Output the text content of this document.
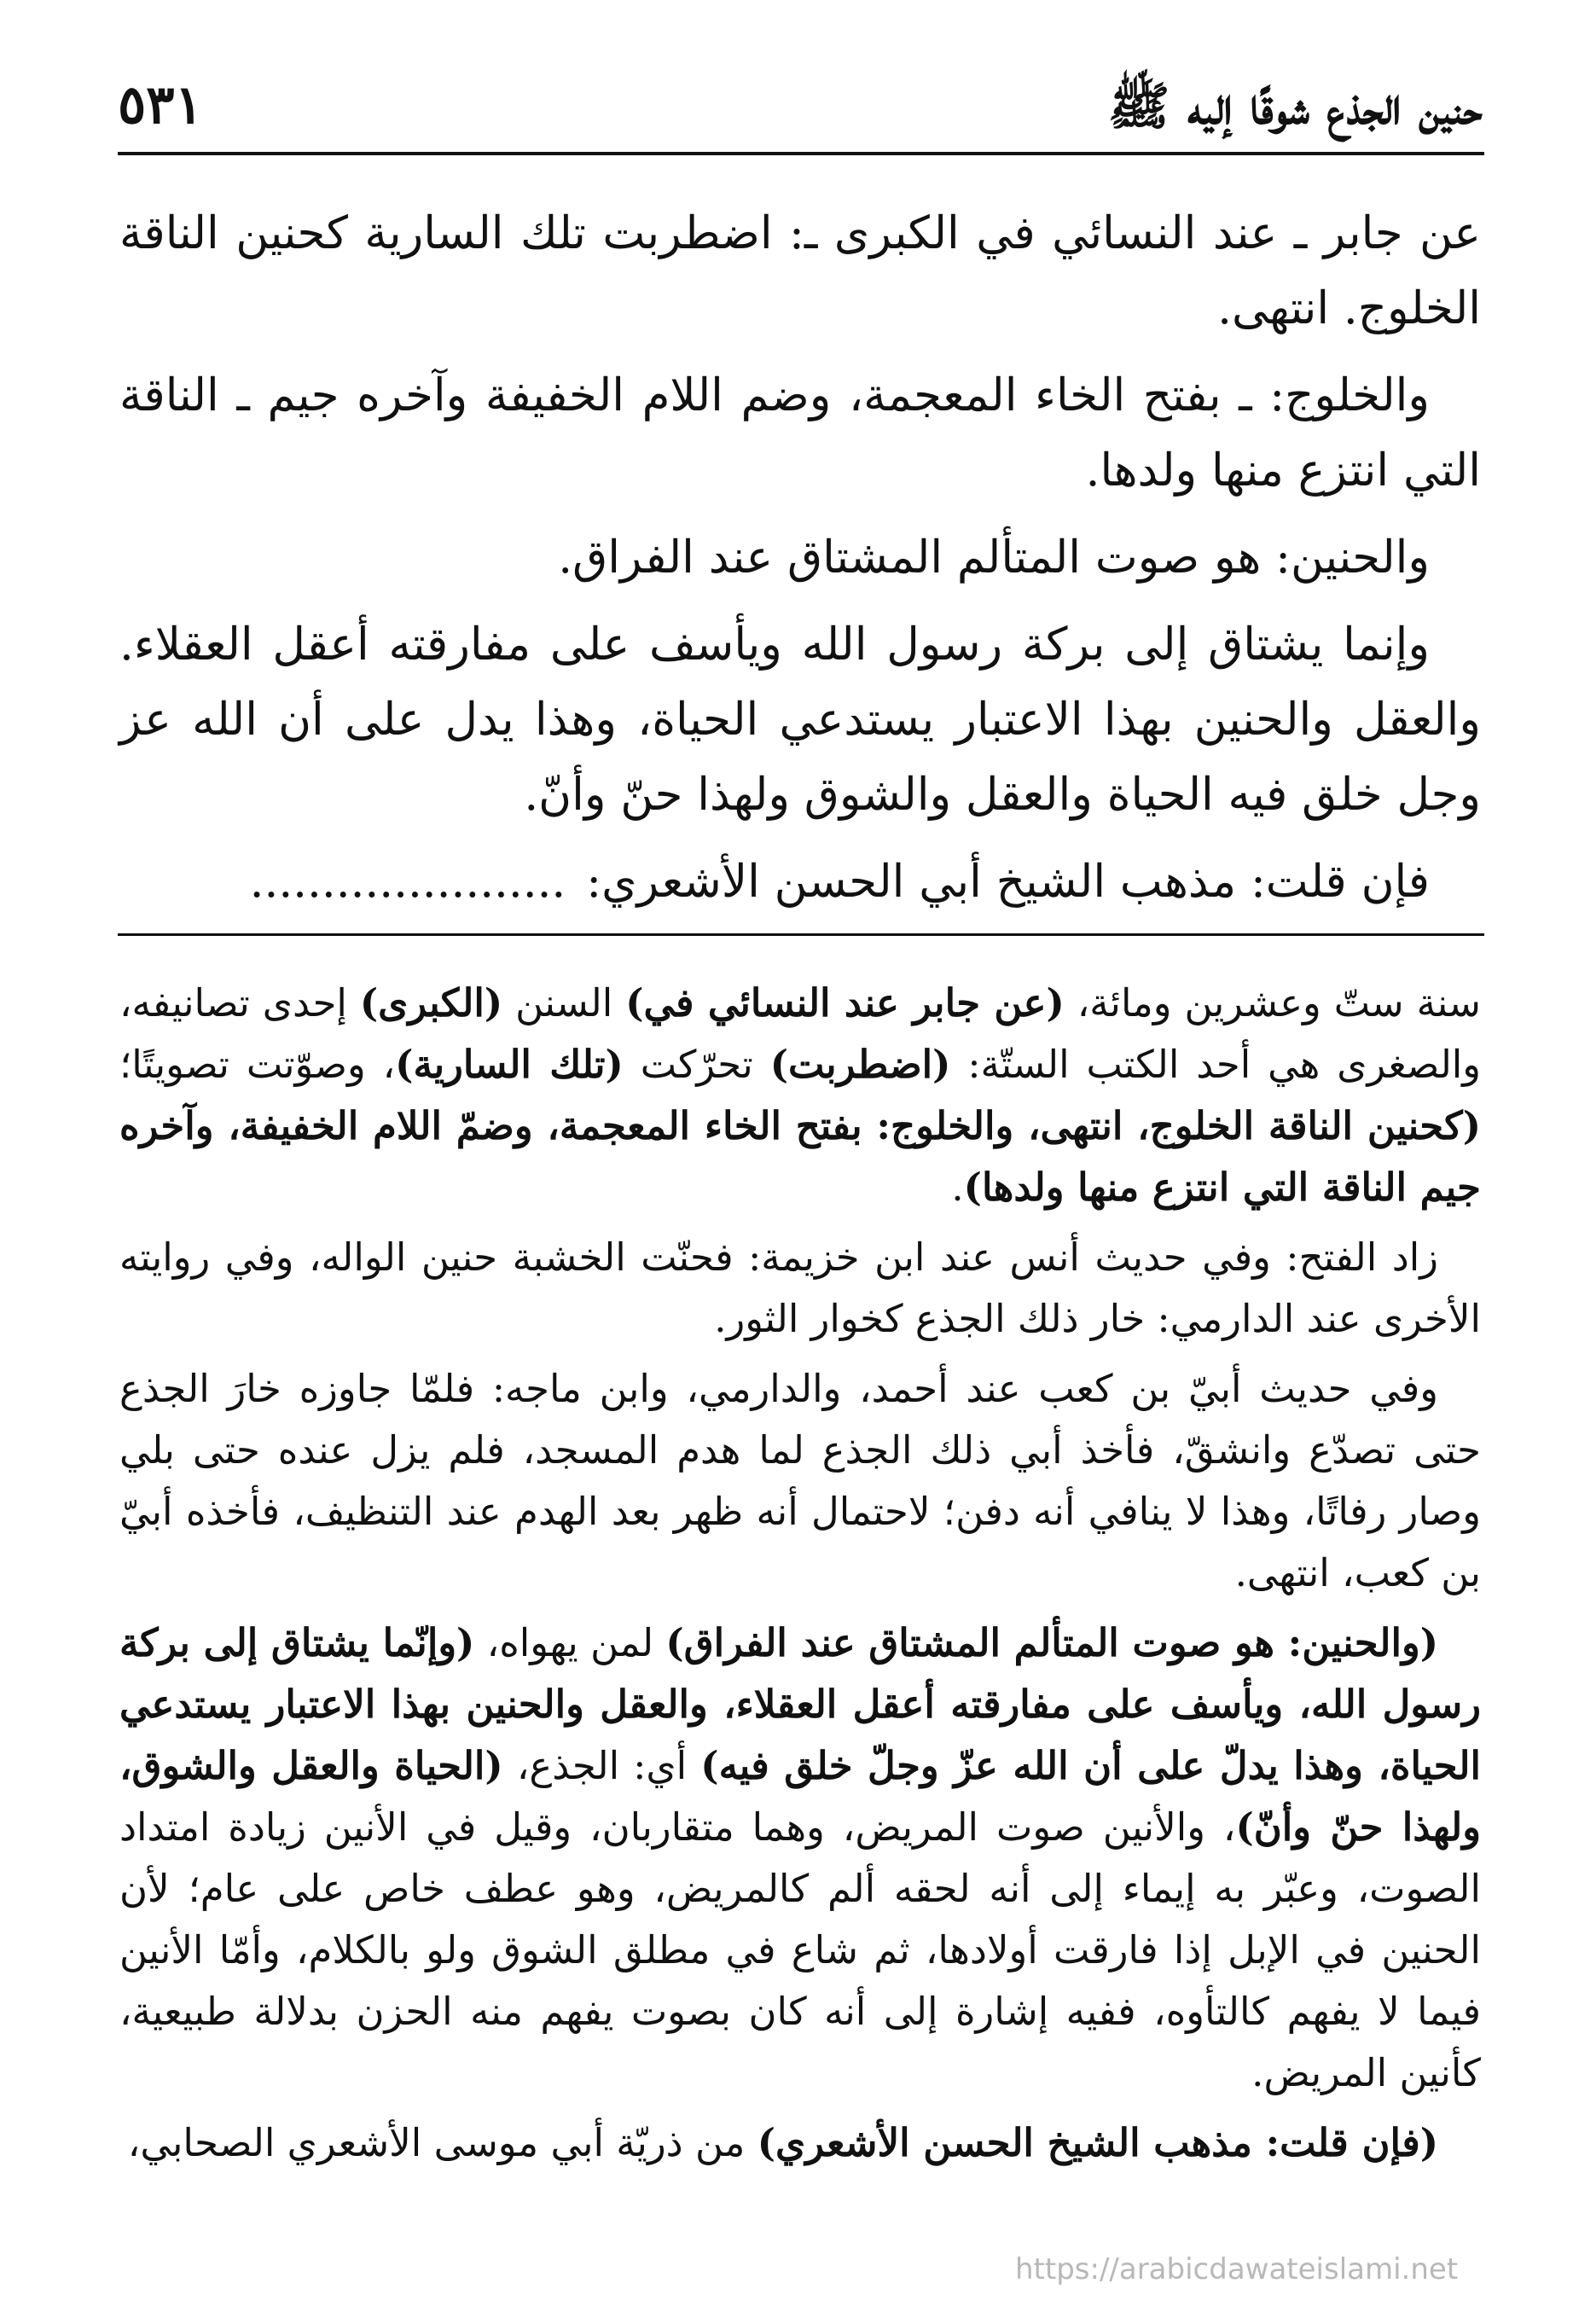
حنين الجذع شوقًا إليه ﷺ
٥٣١

عن جابر ـ عند النسائي في الكبرى ـ: اضطربت تلك السارية كحنين الناقة الخلوج. انتهى.

والخلوج: ـ بفتح الخاء المعجمة، وضم اللام الخفيفة وآخره جيم ـ الناقة التي انتزع منها ولدها.

والحنين: هو صوت المتألم المشتاق عند الفراق.

وإنما يشتاق إلى بركة رسول الله ويأسف على مفارقته أعقل العقلاء. والعقل والحنين بهذا الاعتبار يستدعي الحياة، وهذا يدل على أن الله عز وجل خلق فيه الحياة والعقل والشوق ولهذا حنّ وأنّ.

فإن قلت: مذهب الشيخ أبي الحسن الأشعري:......................

سنة ستّ وعشرين ومائة، (عن جابر عند النسائي في) السنن (الكبرى) إحدى تصانيفه، والصغرى هي أحد الكتب الستّة: (اضطربت) تحرّكت (تلك السارية)، وصوّتت تصويتًا؛ (كحنين الناقة الخلوج، انتهى، والخلوج: بفتح الخاء المعجمة، وضمّ اللام الخفيفة، وآخره جيم الناقة التي انتزع منها ولدها).

زاد الفتح: وفي حديث أنس عند ابن خزيمة: فحنّت الخشبة حنين الواله، وفي روايته الأخرى عند الدارمي: خار ذلك الجذع كخوار الثور.

وفي حديث أبيّ بن كعب عند أحمد، والدارمي، وابن ماجه: فلمّا جاوزه خارَ الجذع حتى تصدّع وانشقّ، فأخذ أبي ذلك الجذع لما هدم المسجد، فلم يزل عنده حتى بلي وصار رفاتًا، وهذا لا ينافي أنه دفن؛ لاحتمال أنه ظهر بعد الهدم عند التنظيف، فأخذه أبيّ بن كعب، انتهى.

(والحنين: هو صوت المتألم المشتاق عند الفراق) لمن يهواه، (وإنّما يشتاق إلى بركة رسول الله، ويأسف على مفارقته أعقل العقلاء، والعقل والحنين بهذا الاعتبار يستدعي الحياة، وهذا يدلّ على أن الله عزّ وجلّ خلق فيه) أي: الجذع، (الحياة والعقل والشوق، ولهذا حنّ وأنّ)، والأنين صوت المريض، وهما متقاربان، وقيل في الأنين زيادة امتداد الصوت، وعبّر به إيماء إلى أنه لحقه ألم كالمريض، وهو عطف خاص على عام؛ لأن الحنين في الإبل إذا فارقت أولادها، ثم شاع في مطلق الشوق ولو بالكلام، وأمّا الأنين فيما لا يفهم كالتأوه، ففيه إشارة إلى أنه كان بصوت يفهم منه الحزن بدلالة طبيعية، كأنين المريض.

(فإن قلت: مذهب الشيخ الحسن الأشعري) من ذريّة أبي موسى الأشعري الصحابي،

https://arabicdawateislami.net
